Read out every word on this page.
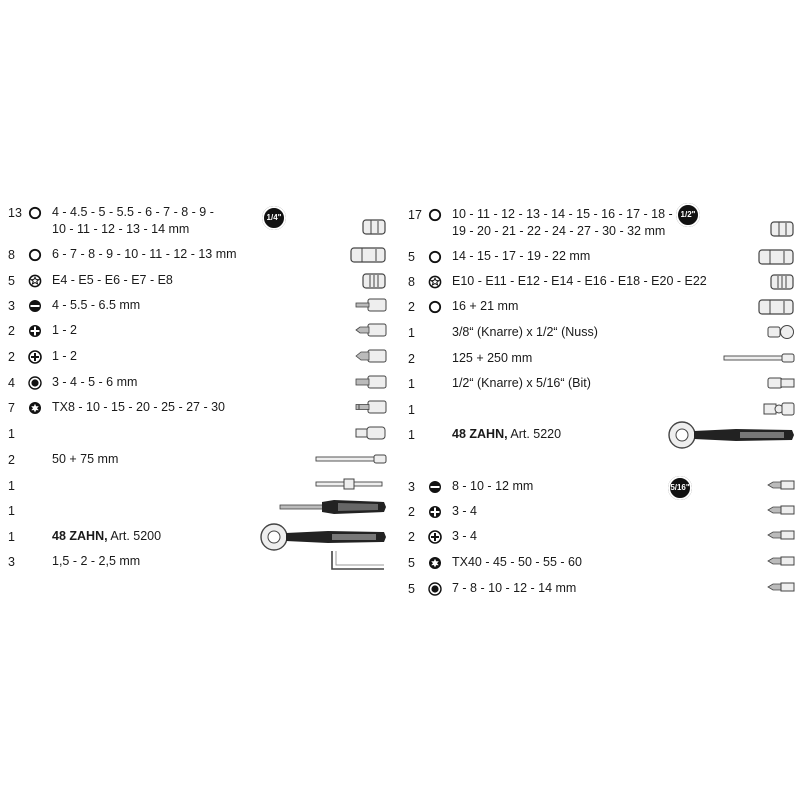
13 4 - 4.5 - 5 - 5.5 - 6 - 7 - 8 - 9 -
10 - 11 - 12 - 13 - 14 mm
8	6 - 7 - 8 - 9 - 10 - 11 - 12 - 13 mm
5	E4 - E5 - E6 - E7 - E8
3	4 - 5.5 - 6.5 mm
2	1 - 2
2	1 - 2
4	3 - 4 - 5 - 6 mm
7	TX8 - 10 - 15 - 20 - 25 - 27 - 30
1
2	50 + 75 mm
1
1
1	48 ZAHN, Art. 5200
3	1,5 - 2 - 2,5 mm
1/4"	17 10 - 11 - 12 - 13 - 14 - 15 - 16 - 17 - 18 -
19 - 20 - 21 - 22 - 24 - 27 - 30 - 32 mm
5	14 - 15 - 17 - 19 - 22 mm
8	E10 - E11 - E12 - E14 - E16 - E18 - E20 - E22
2	16 + 21 mm
1	3/8“ (Knarre) x 1/2“ (Nuss)
2	125 + 250 mm
1	1/2“ (Knarre) x 5/16“ (Bit)
1
1	48 ZAHN, Art. 5220
3	8 - 10 - 12 mm
2	3 - 4
2	3 - 4
5	TX40 - 45 - 50 - 55 - 60
5	7 - 8 - 10 - 12 - 14 mm
1/2"
5/16"
